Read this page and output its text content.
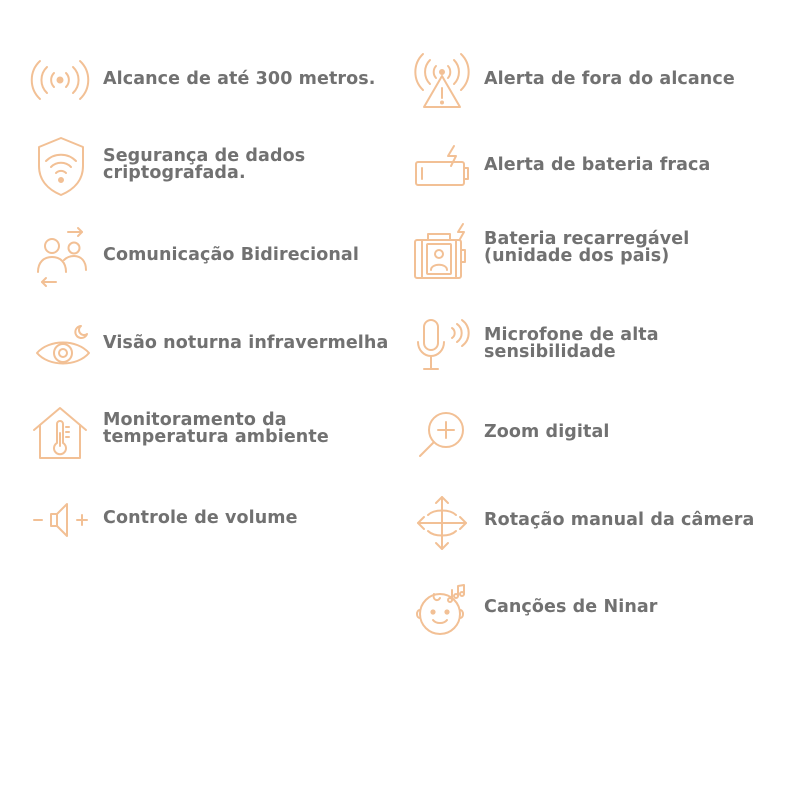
Alcance de até 300 metros.
Segurança de dados
criptografada.
Comunicação Bidirecional
Visão noturna infravermelha
Monitoramento da
temperatura ambiente
Controle de volume
Alerta de fora do alcance
Alerta de bateria fraca
Bateria recarregável
(unidade dos pais)
Microfone de alta
sensibilidade
Zoom digital
Rotação manual da câmera
Canções de Ninar
